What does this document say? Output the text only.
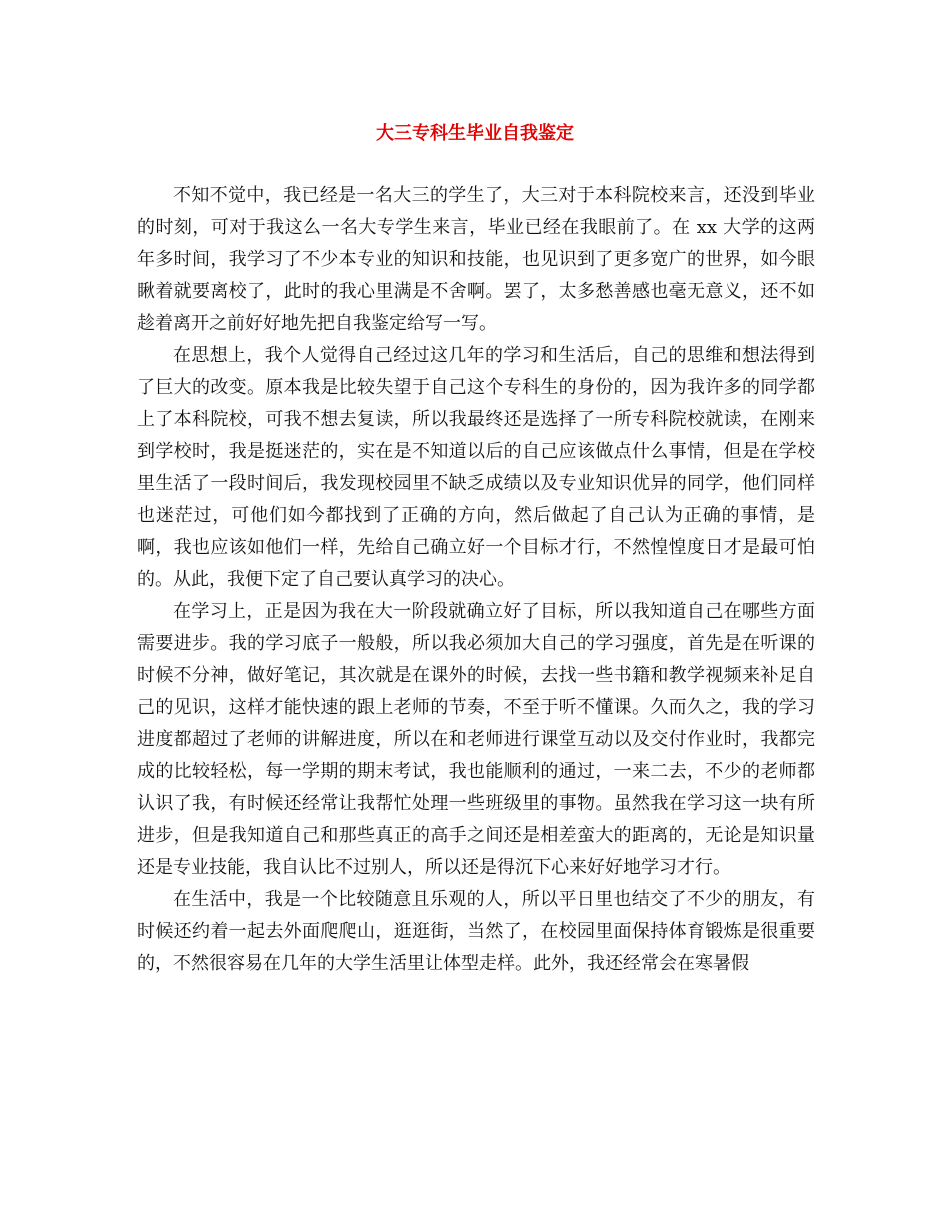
大三专科生毕业自我鉴定

不知不觉中，我已经是一名大三的学生了，大三对于本科院校来言，还没到毕业的时刻，可对于我这么一名大专学生来言，毕业已经在我眼前了。在 xx 大学的这两年多时间，我学习了不少本专业的知识和技能，也见识到了更多宽广的世界，如今眼瞅着就要离校了，此时的我心里满是不舍啊。罢了，太多愁善感也毫无意义，还不如趁着离开之前好好地先把自我鉴定给写一写。

在思想上，我个人觉得自己经过这几年的学习和生活后，自己的思维和想法得到了巨大的改变。原本我是比较失望于自己这个专科生的身份的，因为我许多的同学都上了本科院校，可我不想去复读，所以我最终还是选择了一所专科院校就读，在刚来到学校时，我是挺迷茫的，实在是不知道以后的自己应该做点什么事情，但是在学校里生活了一段时间后，我发现校园里不缺乏成绩以及专业知识优异的同学，他们同样也迷茫过，可他们如今都找到了正确的方向，然后做起了自己认为正确的事情，是啊，我也应该如他们一样，先给自己确立好一个目标才行，不然惶惶度日才是最可怕的。从此，我便下定了自己要认真学习的决心。

在学习上，正是因为我在大一阶段就确立好了目标，所以我知道自己在哪些方面需要进步。我的学习底子一般般，所以我必须加大自己的学习强度，首先是在听课的时候不分神，做好笔记，其次就是在课外的时候，去找一些书籍和教学视频来补足自己的见识，这样才能快速的跟上老师的节奏，不至于听不懂课。久而久之，我的学习进度都超过了老师的讲解进度，所以在和老师进行课堂互动以及交付作业时，我都完成的比较轻松，每一学期的期末考试，我也能顺利的通过，一来二去，不少的老师都认识了我，有时候还经常让我帮忙处理一些班级里的事物。虽然我在学习这一块有所进步，但是我知道自己和那些真正的高手之间还是相差蛮大的距离的，无论是知识量还是专业技能，我自认比不过别人，所以还是得沉下心来好好地学习才行。

在生活中，我是一个比较随意且乐观的人，所以平日里也结交了不少的朋友，有时候还约着一起去外面爬爬山，逛逛街，当然了，在校园里面保持体育锻炼是很重要的，不然很容易在几年的大学生活里让体型走样。此外，我还经常会在寒暑假
